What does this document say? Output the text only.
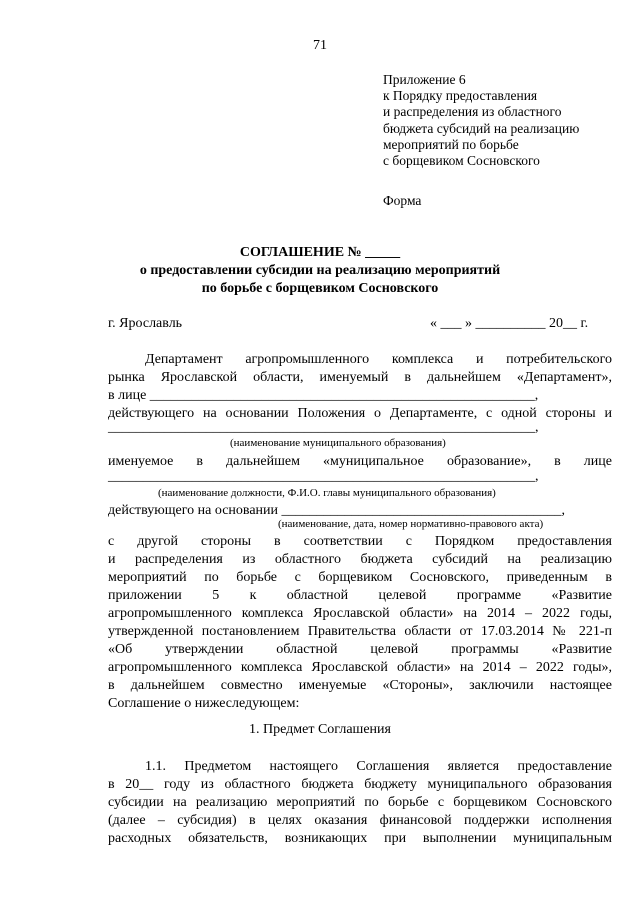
71
Приложение 6
к Порядку предоставления
и распределения из областного
бюджета субсидий на реализацию
мероприятий по борьбе
с борщевиком Сосновского
Форма
СОГЛАШЕНИЕ № _____
о предоставлении субсидии на реализацию мероприятий
по борьбе с борщевиком Сосновского
г. Ярославль	« ___ » __________ 20__ г.
Департамент агропромышленного комплекса и потребительского
рынка Ярославской области, именуемый в дальнейшем «Департамент»,
в лице _______________________________________________________,
действующего на основании Положения о Департаменте, с одной стороны и
_____________________________________________________________,
(наименование муниципального образования)
именуемое в дальнейшем «муниципальное образование», в лице
_____________________________________________________________,
(наименование должности, Ф.И.О. главы муниципального образования)
действующего на основании ________________________________________,
(наименование, дата, номер нормативно-правового акта)
с другой стороны в соответствии с Порядком предоставления
и распределения из областного бюджета субсидий на реализацию
мероприятий по борьбе с борщевиком Сосновского, приведенным в
приложении 5 к областной целевой программе «Развитие
агропромышленного комплекса Ярославской области» на 2014 – 2022 годы,
утвержденной постановлением Правительства области от 17.03.2014 № 221-п
«Об утверждении областной целевой программы «Развитие
агропромышленного комплекса Ярославской области» на 2014 – 2022 годы»,
в дальнейшем совместно именуемые «Стороны», заключили настоящее
Соглашение о нижеследующем:
1. Предмет Соглашения
1.1. Предметом настоящего Соглашения является предоставление
в 20__ году из областного бюджета бюджету муниципального образования
субсидии на реализацию мероприятий по борьбе с борщевиком Сосновского
(далее – субсидия) в целях оказания финансовой поддержки исполнения
расходных обязательств, возникающих при выполнении муниципальным
